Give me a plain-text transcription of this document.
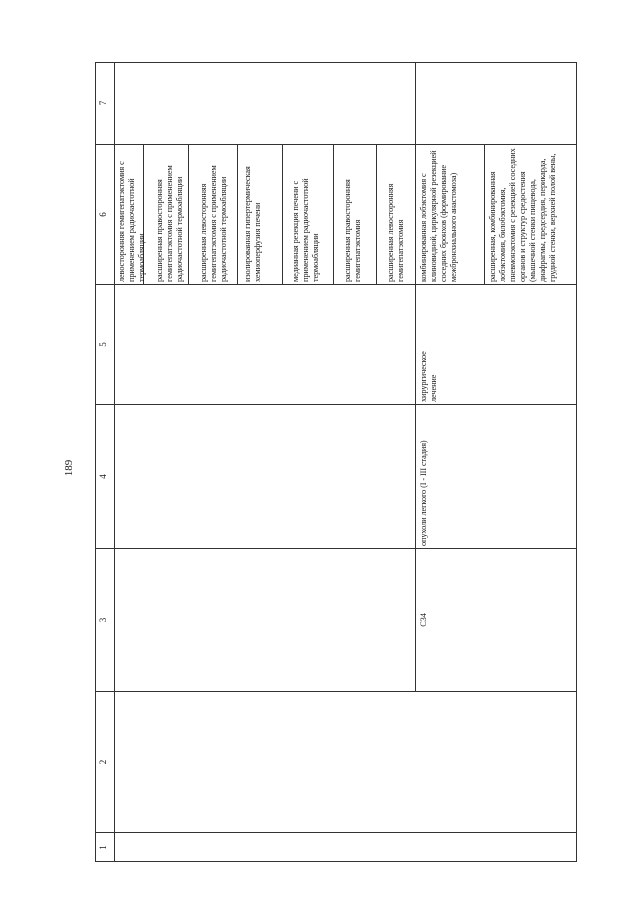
189
1
2
3
4
5
6
7
левосторонняя гемигепатэктомия с
применением радиочастотной
термоабляции расширенная правосторонняя
гемигепатэктомия с применением
радиочастотной термоабляции
расширенная левосторонняя
гемигепатэктомия с применением
радиочастотной термоабляции
изолированная гипертермическая
хемиоперфузия печени
медианная резекция печени с
применением радиочастотной
термоабляции	расширенная правосторонняя
гемигепатэктомия	расширенная левосторонняя
гемигепатэктомия
С34
опухоли легкого (I - III стадия)
хирургическое
лечение
комбинированная лобэктомия с
клиновидной, циркулярной резекцией
соседних бронхов (формирование
межбронхиального анастомоза)
расширенная, комбинированная
лобэктомия, билобэктомия,
пневмонэктомия с резекцией соседних
органов и структур средостения
(мышечной стенки пищевода,
диафрагмы, предсердия, перикарда,
грудной стенки, верхней полой вены,
